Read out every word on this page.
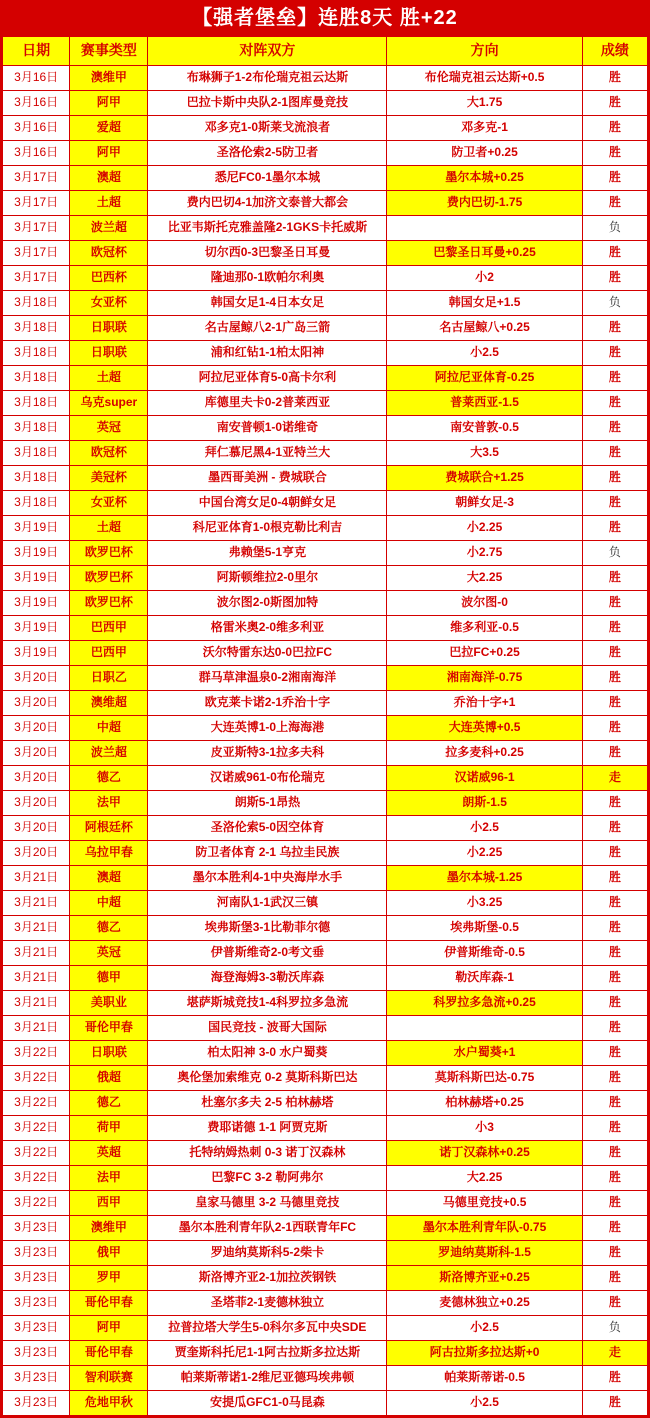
【强者堡垒】连胜8天 胜+22
日期	赛事类型	对阵双方	方向	成绩
3月16日	澳维甲	布琳狮子1-2布伦瑞克祖云达斯	布伦瑞克祖云达斯+0.5	胜
3月16日	阿甲	巴拉卡斯中央队2-1图库曼竞技	大1.75	胜
3月16日	爱超	邓多克1-0斯莱戈流浪者	邓多克-1	胜
3月16日	阿甲	圣洛伦索2-5防卫者	防卫者+0.25	胜
3月17日	澳超	悉尼FC0-1墨尔本城	墨尔本城+0.25	胜
3月17日	土超	费内巴切4-1加济文泰普大都会	费内巴切-1.75	胜
3月17日	波兰超	比亚韦斯托克雅盖隆2-1GKS卡托威斯		负
3月17日	欧冠杯	切尔西0-3巴黎圣日耳曼	巴黎圣日耳曼+0.25	胜
3月17日	巴西杯	隆迪那0-1欧帕尔利奥	小2	胜
3月18日	女亚杯	韩国女足1-4日本女足	韩国女足+1.5	负
3月18日	日职联	名古屋鲸八2-1广岛三箭	名古屋鲸八+0.25	胜
3月18日	日职联	浦和红钻1-1柏太阳神	小2.5	胜
3月18日	土超	阿拉尼亚体育5-0高卡尔利	阿拉尼亚体育-0.25	胜
3月18日	乌克super	库德里夫卡0-2普莱西亚	普莱西亚-1.5	胜
3月18日	英冠	南安普顿1-0诺维奇	南安普敦-0.5	胜
3月18日	欧冠杯	拜仁慕尼黑4-1亚特兰大	大3.5	胜
3月18日	美冠杯	墨西哥美洲 - 费城联合	费城联合+1.25	胜
3月18日	女亚杯	中国台湾女足0-4朝鲜女足	朝鲜女足-3	胜
3月19日	土超	科尼亚体育1-0根克勒比利吉	小2.25	胜
3月19日	欧罗巴杯	弗赖堡5-1亨克	小2.75	负
3月19日	欧罗巴杯	阿斯顿维拉2-0里尔	大2.25	胜
3月19日	欧罗巴杯	波尔图2-0斯图加特	波尔图-0	胜
3月19日	巴西甲	格雷米奥2-0维多利亚	维多利亚-0.5	胜
3月19日	巴西甲	沃尔特雷东达0-0巴拉FC	巴拉FC+0.25	胜
3月20日	日职乙	群马草津温泉0-2湘南海洋	湘南海洋-0.75	胜
3月20日	澳维超	欧克莱卡诺2-1乔治十字	乔治十字+1	胜
3月20日	中超	大连英博1-0上海海港	大连英博+0.5	胜
3月20日	波兰超	皮亚斯特3-1拉多夫科	拉多麦科+0.25	胜
3月20日	德乙	汉诺威961-0布伦瑞克	汉诺威96-1	走
3月20日	法甲	朗斯5-1昂热	朗斯-1.5	胜
3月20日	阿根廷杯	圣洛伦索5-0因空体育	小2.5	胜
3月20日	乌拉甲春	防卫者体育 2-1 乌拉圭民族	小2.25	胜
3月21日	澳超	墨尔本胜利4-1中央海岸水手	墨尔本城-1.25	胜
3月21日	中超	河南队1-1武汉三镇	小3.25	胜
3月21日	德乙	埃弗斯堡3-1比勒菲尔德	埃弗斯堡-0.5	胜
3月21日	英冠	伊普斯维奇2-0考文垂	伊普斯维奇-0.5	胜
3月21日	德甲	海登海姆3-3勒沃库森	勒沃库森-1	胜
3月21日	美职业	堪萨斯城竞技1-4科罗拉多急流	科罗拉多急流+0.25	胜
3月21日	哥伦甲春	国民竞技 - 波哥大国际		胜
3月22日	日职联	柏太阳神 3-0 水户蜀葵	水户蜀葵+1	胜
3月22日	俄超	奥伦堡加索维克 0-2 莫斯科斯巴达	莫斯科斯巴达-0.75	胜
3月22日	德乙	杜塞尔多夫 2-5 柏林赫塔	柏林赫塔+0.25	胜
3月22日	荷甲	费耶诺德 1-1 阿贾克斯	小3	胜
3月22日	英超	托特纳姆热刺 0-3 诺丁汉森林	诺丁汉森林+0.25	胜
3月22日	法甲	巴黎FC 3-2 勒阿弗尔	大2.25	胜
3月22日	西甲	皇家马德里 3-2 马德里竞技	马德里竞技+0.5	胜
3月23日	澳维甲	墨尔本胜利青年队2-1西联青年FC	墨尔本胜利青年队-0.75	胜
3月23日	俄甲	罗迪纳莫斯科5-2柴卡	罗迪纳莫斯科-1.5	胜
3月23日	罗甲	斯洛博齐亚2-1加拉茨钢铁	斯洛博齐亚+0.25	胜
3月23日	哥伦甲春	圣塔菲2-1麦德林独立	麦德林独立+0.25	胜
3月23日	阿甲	拉普拉塔大学生5-0科尔多瓦中央SDE	小2.5	负
3月23日	哥伦甲春	贾奎斯科托尼1-1阿古拉斯多拉达斯	阿古拉斯多拉达斯+0	走
3月23日	智利联赛	帕莱斯蒂诺1-2维尼亚德玛埃弗顿	帕莱斯蒂诺-0.5	胜
3月23日	危地甲秋	安提瓜GFC1-0马昆森	小2.5	胜
